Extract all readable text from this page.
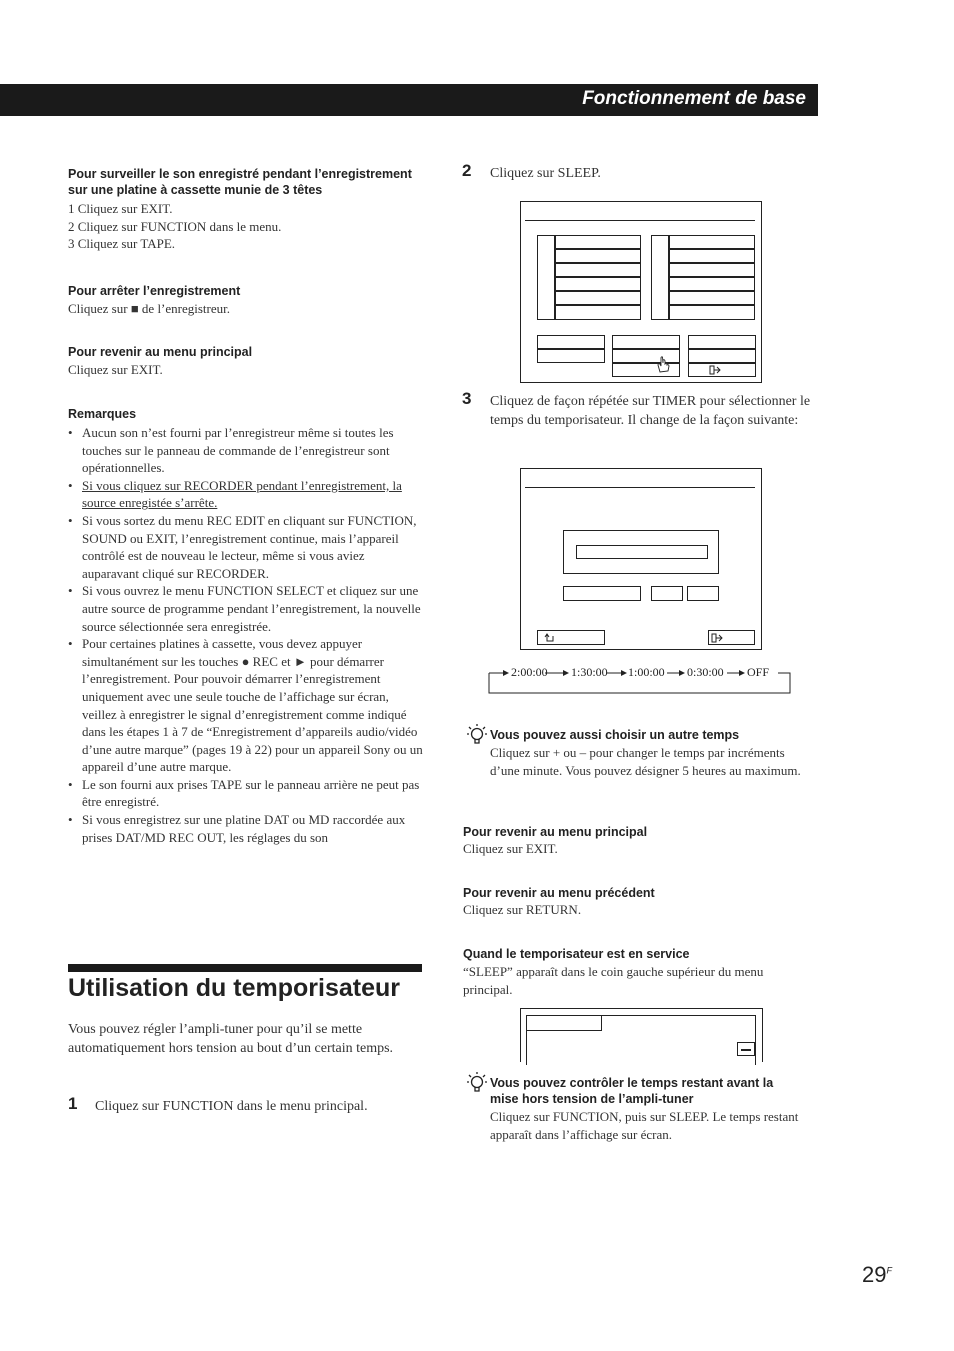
Fonctionnement de base
Pour surveiller le son enregistré pendant l’enregistrement sur une platine à cassette munie de 3 têtes
1 Cliquez sur EXIT.
2 Cliquez sur FUNCTION dans le menu.
3 Cliquez sur TAPE.
Pour arrêter l’enregistrement
Cliquez sur ■ de l’enregistreur.
Pour revenir au menu principal
Cliquez sur EXIT.
Remarques
• Aucun son n’est fourni par l’enregistreur même si toutes les touches sur le panneau de commande de l’enregistreur sont opérationnelles.
• Si vous cliquez sur RECORDER pendant l’enregistrement, la source enregistée s’arrête.
• Si vous sortez du menu REC EDIT en cliquant sur FUNCTION, SOUND ou EXIT, l’enregistrement continue, mais l’appareil contrôlé est de nouveau le lecteur, même si vous aviez auparavant cliqué sur RECORDER.
• Si vous ouvrez le menu FUNCTION SELECT et cliquez sur une autre source de programme pendant l’enregistrement, la nouvelle source sélectionnée sera enregistrée.
• Pour certaines platines à cassette, vous devez appuyer simultanément sur les touches ● REC et ► pour démarrer l’enregistrement. Pour pouvoir démarrer l’enregistrement uniquement avec une seule touche de l’affichage sur écran, veillez à enregistrer le signal d’enregistrement comme indiqué dans les étapes 1 à 7 de “Enregistrement d’appareils audio/vidéo d’une autre marque” (pages 19 à 22) pour un appareil Sony ou un appareil d’une autre marque.
• Le son fourni aux prises TAPE sur le panneau arrière ne peut pas être enregistré.
• Si vous enregistrez sur une platine DAT ou MD raccordée aux prises DAT/MD REC OUT, les réglages du son
Utilisation du temporisateur
Vous pouvez régler l’ampli-tuner pour qu’il se mette automatiquement hors tension au bout d’un certain temps.
1 Cliquez sur FUNCTION dans le menu principal.
2 Cliquez sur SLEEP.
3 Cliquez de façon répétée sur TIMER pour sélectionner le temps du temporisateur. Il change de la façon suivante:
2:00:00 1:30:00 1:00:00 0:30:00 OFF
Vous pouvez aussi choisir un autre temps
Cliquez sur + ou – pour changer le temps par incréments d’une minute. Vous pouvez désigner 5 heures au maximum.
Pour revenir au menu principal
Cliquez sur EXIT.
Pour revenir au menu précédent
Cliquez sur RETURN.
Quand le temporisateur est en service
“SLEEP” apparaît dans le coin gauche supérieur du menu principal.
Vous pouvez contrôler le temps restant avant la mise hors tension de l’ampli-tuner
Cliquez sur FUNCTION, puis sur SLEEP. Le temps restant apparaît dans l’affichage sur écran.
$29^F$
